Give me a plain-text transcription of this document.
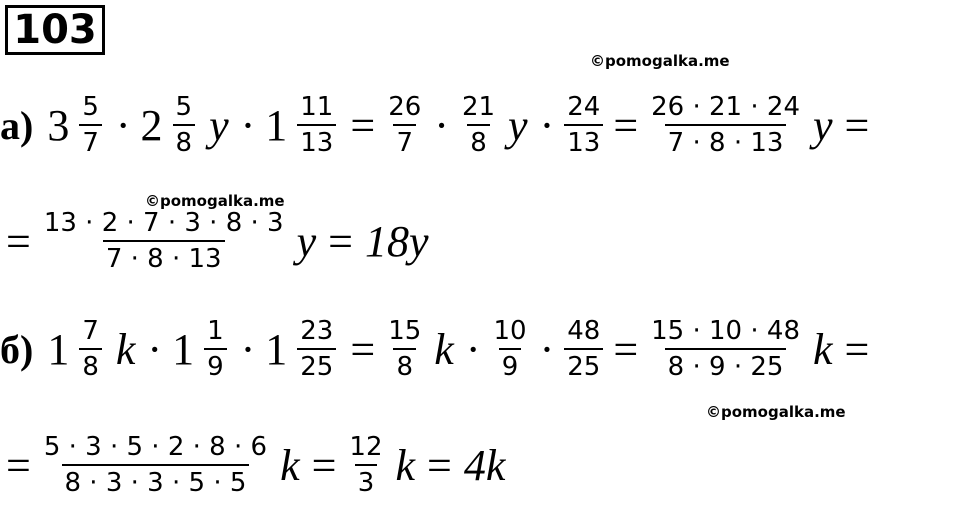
103
©pomogalka.me
©pomogalka.me
©pomogalka.me
а) $3 \frac{5}{7} \cdot 2 \frac{5}{8}$ $y \cdot 1 \frac{11}{13} = \frac{26}{7} \cdot \frac{21}{8}$ $y \cdot \frac{24}{13} = \frac{26 \cdot 21 \cdot 24}{7 \cdot 8 \cdot 13}$ y =
= $\frac{13 \cdot 2 \cdot 7 \cdot 3 \cdot 8 \cdot 3}{7 \cdot 8 \cdot 13}$ y = 18y
б) $1 \frac{7}{8}$ $k \cdot 1 \frac{1}{9} \cdot 1 \frac{23}{25} = \frac{15}{8}$ $k \cdot \frac{10}{9} \cdot \frac{48}{25} = \frac{15 \cdot 10 \cdot 48}{8 \cdot 9 \cdot 25}$ k =
= $\frac{5 \cdot 3 \cdot 5 \cdot 2 \cdot 8 \cdot 6}{8 \cdot 3 \cdot 3 \cdot 5 \cdot 5}$ $k = \frac{12}{3}$ k = 4k
